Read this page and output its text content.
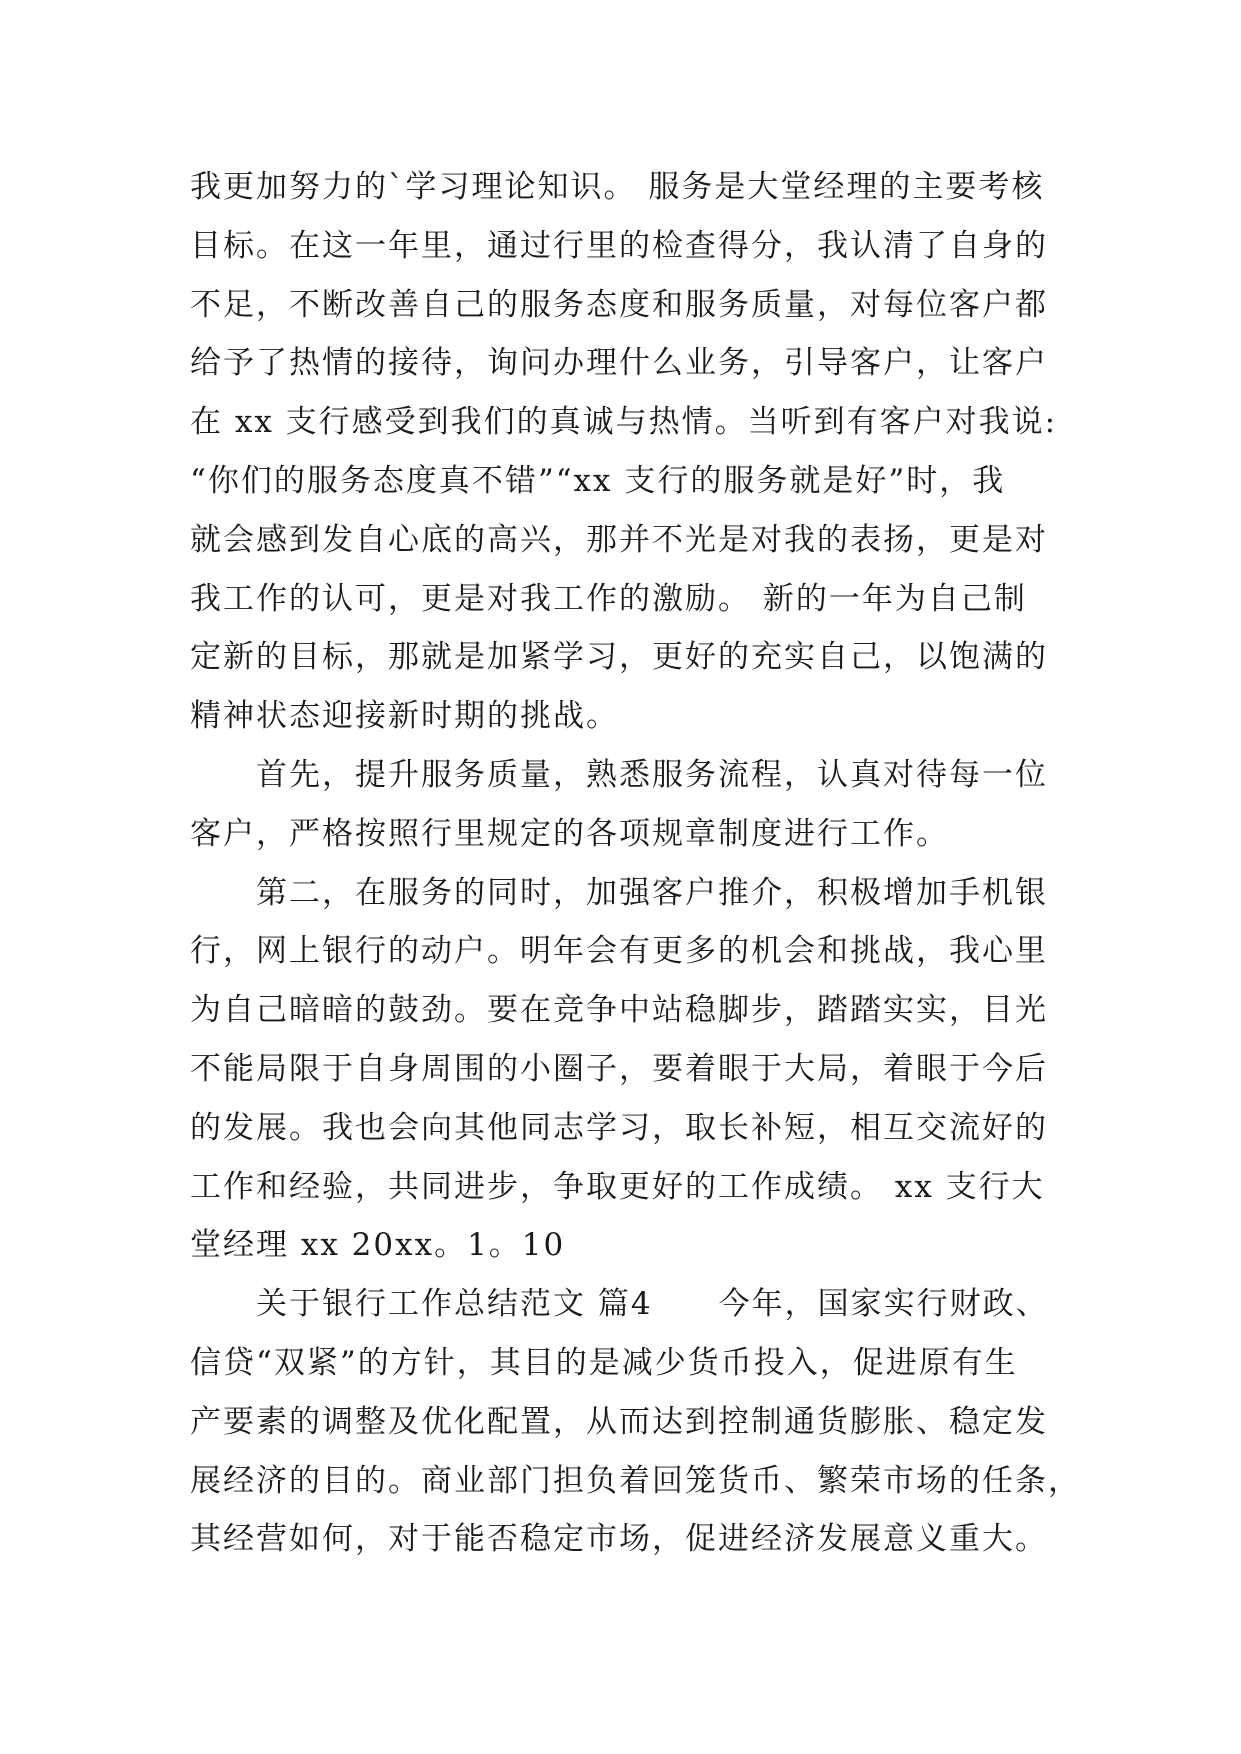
我更加努力的`学习理论知识。 服务是大堂经理的主要考核
目标。在这一年里，通过行里的检查得分，我认清了自身的
不足，不断改善自己的服务态度和服务质量，对每位客户都
给予了热情的接待，询问办理什么业务，引导客户，让客户
在 xx 支行感受到我们的真诚与热情。当听到有客户对我说:
“你们的服务态度真不错”“xx 支行的服务就是好”时，我
就会感到发自心底的高兴，那并不光是对我的表扬，更是对
我工作的认可，更是对我工作的激励。 新的一年为自己制
定新的目标，那就是加紧学习，更好的充实自己，以饱满的
精神状态迎接新时期的挑战。
首先，提升服务质量，熟悉服务流程，认真对待每一位
客户，严格按照行里规定的各项规章制度进行工作。
第二，在服务的同时，加强客户推介，积极增加手机银
行，网上银行的动户。明年会有更多的机会和挑战，我心里
为自己暗暗的鼓劲。要在竞争中站稳脚步，踏踏实实，目光
不能局限于自身周围的小圈子，要着眼于大局，着眼于今后
的发展。我也会向其他同志学习，取长补短，相互交流好的
工作和经验，共同进步，争取更好的工作成绩。 xx 支行大
堂经理 xx 20xx。1。10
关于银行工作总结范文 篇4　　今年，国家实行财政、
信贷“双紧”的方针，其目的是减少货币投入，促进原有生
产要素的调整及优化配置，从而达到控制通货膨胀、稳定发
展经济的目的。商业部门担负着回笼货币、繁荣市场的任条，
其经营如何，对于能否稳定市场，促进经济发展意义重大。
